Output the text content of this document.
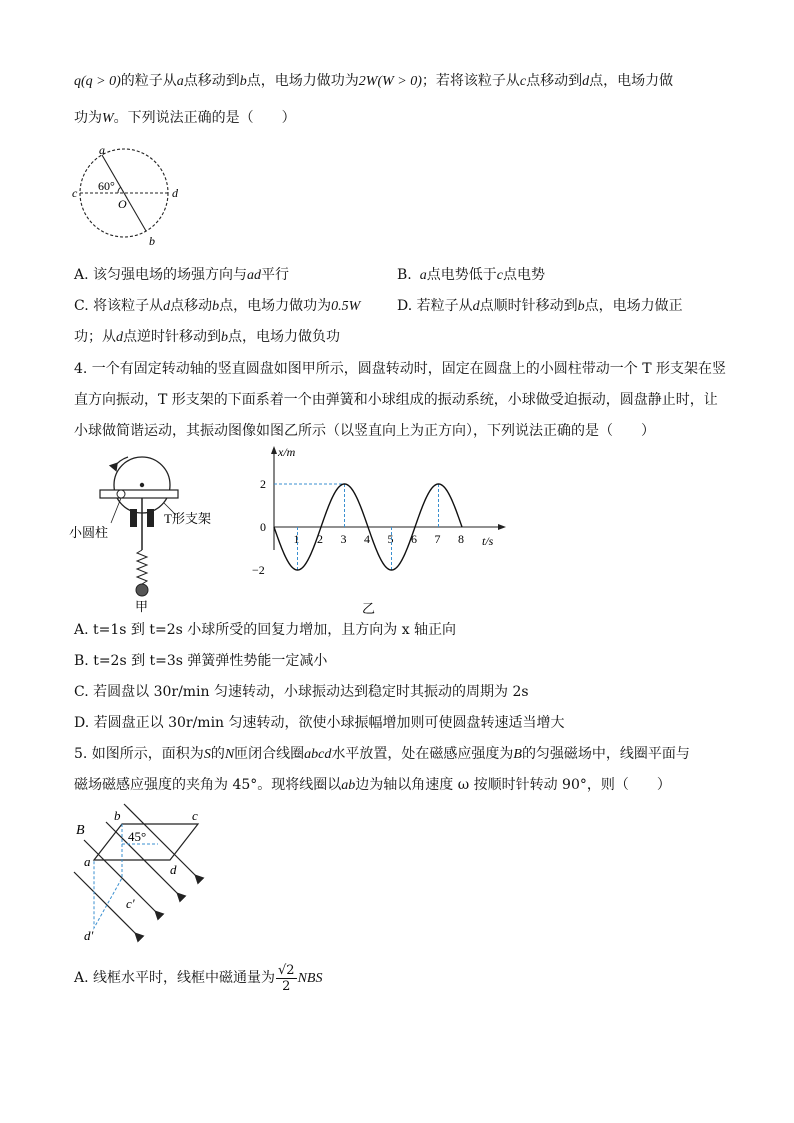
q(q > 0)的粒子从a点移动到b点，电场力做功为2W(W > 0)；若将该粒子从c点移动到d点，电场力做
功为W。下列说法正确的是（　　）
a
b
c	d
O
60°
A. 该匀强电场的场强方向与ad平行	B. a点电势低于c点电势
C. 将该粒子从d点移动b点，电场力做功为0.5W	D. 若粒子从d点顺时针移动到b点，电场力做正
功；从d点逆时针移动到b点，电场力做负功
4. 一个有固定转动轴的竖直圆盘如图甲所示，圆盘转动时，固定在圆盘上的小圆柱带动一个 T 形支架在竖
直方向振动，T 形支架的下面系着一个由弹簧和小球组成的振动系统，小球做受迫振动，圆盘静止时，让
小球做简谐运动，其振动图像如图乙所示（以竖直向上为正方向），下列说法正确的是（　　）
小圆柱
T形支架
甲
x/m
t/s
0
2
−2
1 2 3 4 5 6 7 8
乙
A. t=1s 到 t=2s 小球所受的回复力增加，且方向为 x 轴正向
B. t=2s 到 t=3s 弹簧弹性势能一定减小
C. 若圆盘以 30r/min 匀速转动，小球振动达到稳定时其振动的周期为 2s
D. 若圆盘正以 30r/min 匀速转动，欲使小球振幅增加则可使圆盘转速适当增大
5. 如图所示，面积为S的N匝闭合线圈abcd水平放置，处在磁感应强度为B的匀强磁场中，线圈平面与
磁场磁感应强度的夹角为 45°。现将线圈以ab边为轴以角速度 ω 按顺时针转动 90°，则（　　）
B
a
b	c
d
c'
d'
45°
A. 线框水平时，线框中磁通量为 $\frac{√2}{2}$ NBS
